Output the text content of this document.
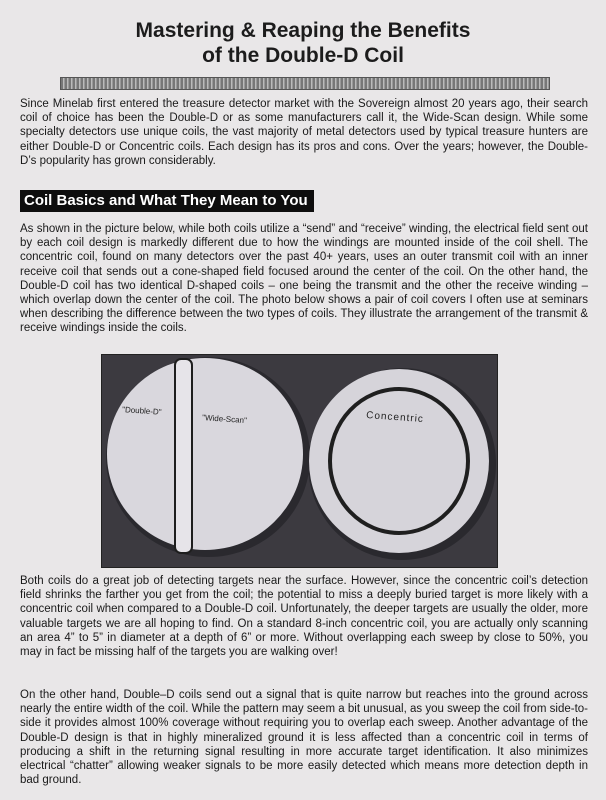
Mastering & Reaping the Benefits
of the Double-D Coil

Since Minelab first entered the treasure detector market with the Sovereign almost 20 years ago, their search coil of choice has been the Double-D or as some manufacturers call it, the Wide-Scan design. While some specialty detectors use unique coils, the vast majority of metal detectors used by typical treasure hunters are either Double-D or Concentric coils. Each design has its pros and cons. Over the years; however, the Double-D’s popularity has grown considerably.

Coil Basics and What They Mean to You

As shown in the picture below, while both coils utilize a “send” and “receive” winding, the electrical field sent out by each coil design is markedly different due to how the windings are mounted inside of the coil shell. The concentric coil, found on many detectors over the past 40+ years, uses an outer transmit coil with an inner receive coil that sends out a cone-shaped field focused around the center of the coil. On the other hand, the Double-D coil has two identical D-shaped coils – one being the transmit and the other the receive winding – which overlap down the center of the coil. The photo below shows a pair of coil covers I often use at seminars when describing the difference between the two types of coils. They illustrate the arrangement of the transmit & receive windings inside the coils.

"Double-D"
"Wide-Scan"	Concentric

Both coils do a great job of detecting targets near the surface. However, since the concentric coil’s detection field shrinks the farther you get from the coil; the potential to miss a deeply buried target is more likely with a concentric coil when compared to a Double-D coil. Unfortunately, the deeper targets are usually the older, more valuable targets we are all hoping to find. On a standard 8-inch concentric coil, you are actually only scanning an area 4” to 5” in diameter at a depth of 6” or more. Without overlapping each sweep by close to 50%, you may in fact be missing half of the targets you are walking over!

On the other hand, Double–D coils send out a signal that is quite narrow but reaches into the ground across nearly the entire width of the coil. While the pattern may seem a bit unusual, as you sweep the coil from side-to-side it provides almost 100% coverage without requiring you to overlap each sweep. Another advantage of the Double-D design is that in highly mineralized ground it is less affected than a concentric coil in terms of producing a shift in the returning signal resulting in more accurate target identification. It also minimizes electrical “chatter” allowing weaker signals to be more easily detected which means more detection depth in bad ground.
